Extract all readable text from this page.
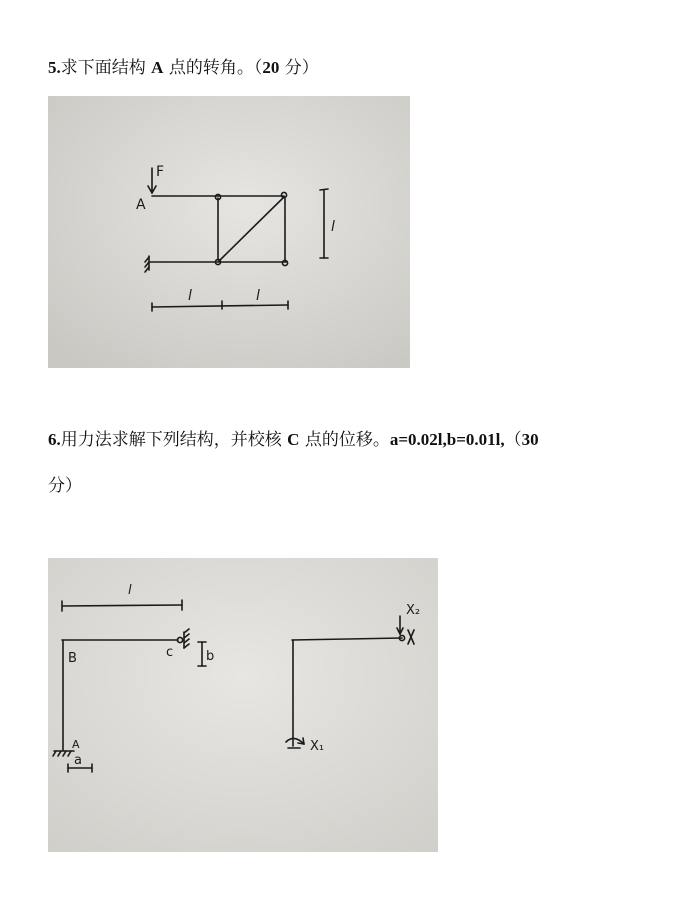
5.求下面结构 A 点的转角。（20 分）
F
A
l
l	l
6.用力法求解下列结构，并校核 C 点的位移。a=0.02l,b=0.01l,（30
分）
l
B	c
A
a
b
X₁
X₂
